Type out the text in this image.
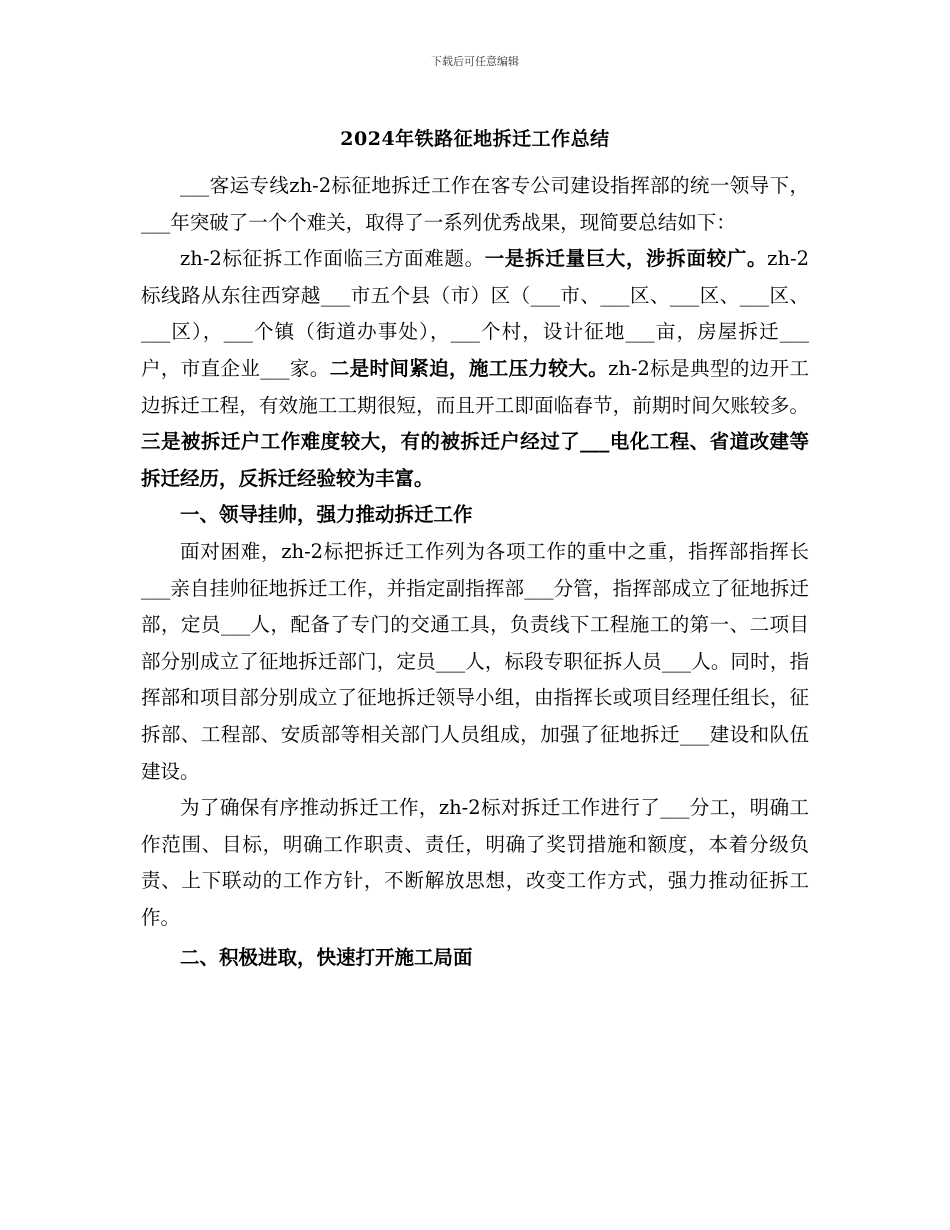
下载后可任意编辑
2024年铁路征地拆迁工作总结

___客运专线zh-2标征地拆迁工作在客专公司建设指挥部的统一领导下，___年突破了一个个难关，取得了一系列优秀战果，现简要总结如下：

zh-2标征拆工作面临三方面难题。一是拆迁量巨大，涉拆面较广。zh-2标线路从东往西穿越___市五个县（市）区（___市、___区、___区、___区、___区），___个镇（街道办事处），___个村，设计征地___亩，房屋拆迁___户，市直企业___家。二是时间紧迫，施工压力较大。zh-2标是典型的边开工边拆迁工程，有效施工工期很短，而且开工即面临春节，前期时间欠账较多。三是被拆迁户工作难度较大，有的被拆迁户经过了___电化工程、省道改建等拆迁经历，反拆迁经验较为丰富。

一、领导挂帅，强力推动拆迁工作

面对困难，zh-2标把拆迁工作列为各项工作的重中之重，指挥部指挥长___亲自挂帅征地拆迁工作，并指定副指挥部___分管，指挥部成立了征地拆迁部，定员___人，配备了专门的交通工具，负责线下工程施工的第一、二项目部分别成立了征地拆迁部门，定员___人，标段专职征拆人员___人。同时，指挥部和项目部分别成立了征地拆迁领导小组，由指挥长或项目经理任组长，征拆部、工程部、安质部等相关部门人员组成，加强了征地拆迁___建设和队伍建设。

为了确保有序推动拆迁工作，zh-2标对拆迁工作进行了___分工，明确工作范围、目标，明确工作职责、责任，明确了奖罚措施和额度，本着分级负责、上下联动的工作方针，不断解放思想，改变工作方式，强力推动征拆工作。

二、积极进取，快速打开施工局面
